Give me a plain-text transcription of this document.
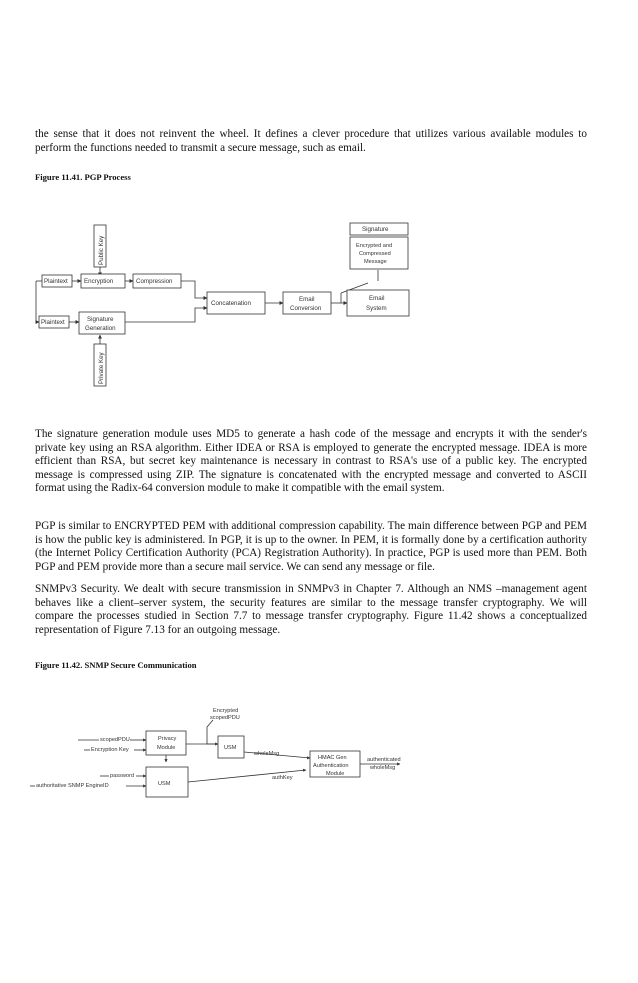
the sense that it does not reinvent the wheel. It defines a clever procedure that utilizes various available modules to perform the functions needed to transmit a secure message, such as email.

Figure 11.41. PGP Process

Public Key
Plaintext	Encryption	Compression
Plaintext	Signature
Generation
Private Key
Concatenation
Email
Conversion
Signature
Encrypted and
Compressed
Message
Email
System

The signature generation module uses MD5 to generate a hash code of the message and encrypts it with the sender's private key using an RSA algorithm. Either IDEA or RSA is employed to generate the encrypted message. IDEA is more efficient than RSA, but secret key maintenance is necessary in contrast to RSA's use of a public key. The encrypted message is compressed using ZIP. The signature is concatenated with the encrypted message and converted to ASCII format using the Radix-64 conversion module to make it compatible with the email system.

PGP is similar to ENCRYPTED PEM with additional compression capability. The main difference between PGP and PEM is how the public key is administered. In PGP, it is up to the owner. In PEM, it is formally done by a certification authority (the Internet Policy Certification Authority (PCA) Registration Authority). In practice, PGP is used more than PEM. Both PGP and PEM provide more than a secure mail service. We can send any message or file.

SNMPv3 Security. We dealt with secure transmission in SNMPv3 in Chapter 7. Although an NMS –management agent behaves like a client–server system, the security features are similar to the message transfer cryptography. We will compare the processes studied in Section 7.7 to message transfer cryptography. Figure 11.42 shows a conceptualized representation of Figure 7.13 for an outgoing message.

Figure 11.42. SNMP Secure Communication

Encrypted
scopedPDU
scopedPDU
Encryption Key
Privacy
Module	USM
wholeMsg
HMAC Gen
Authentication
Module
authenticated
wholeMsg
password
authoritative SNMP EngineID	USM
authKey
